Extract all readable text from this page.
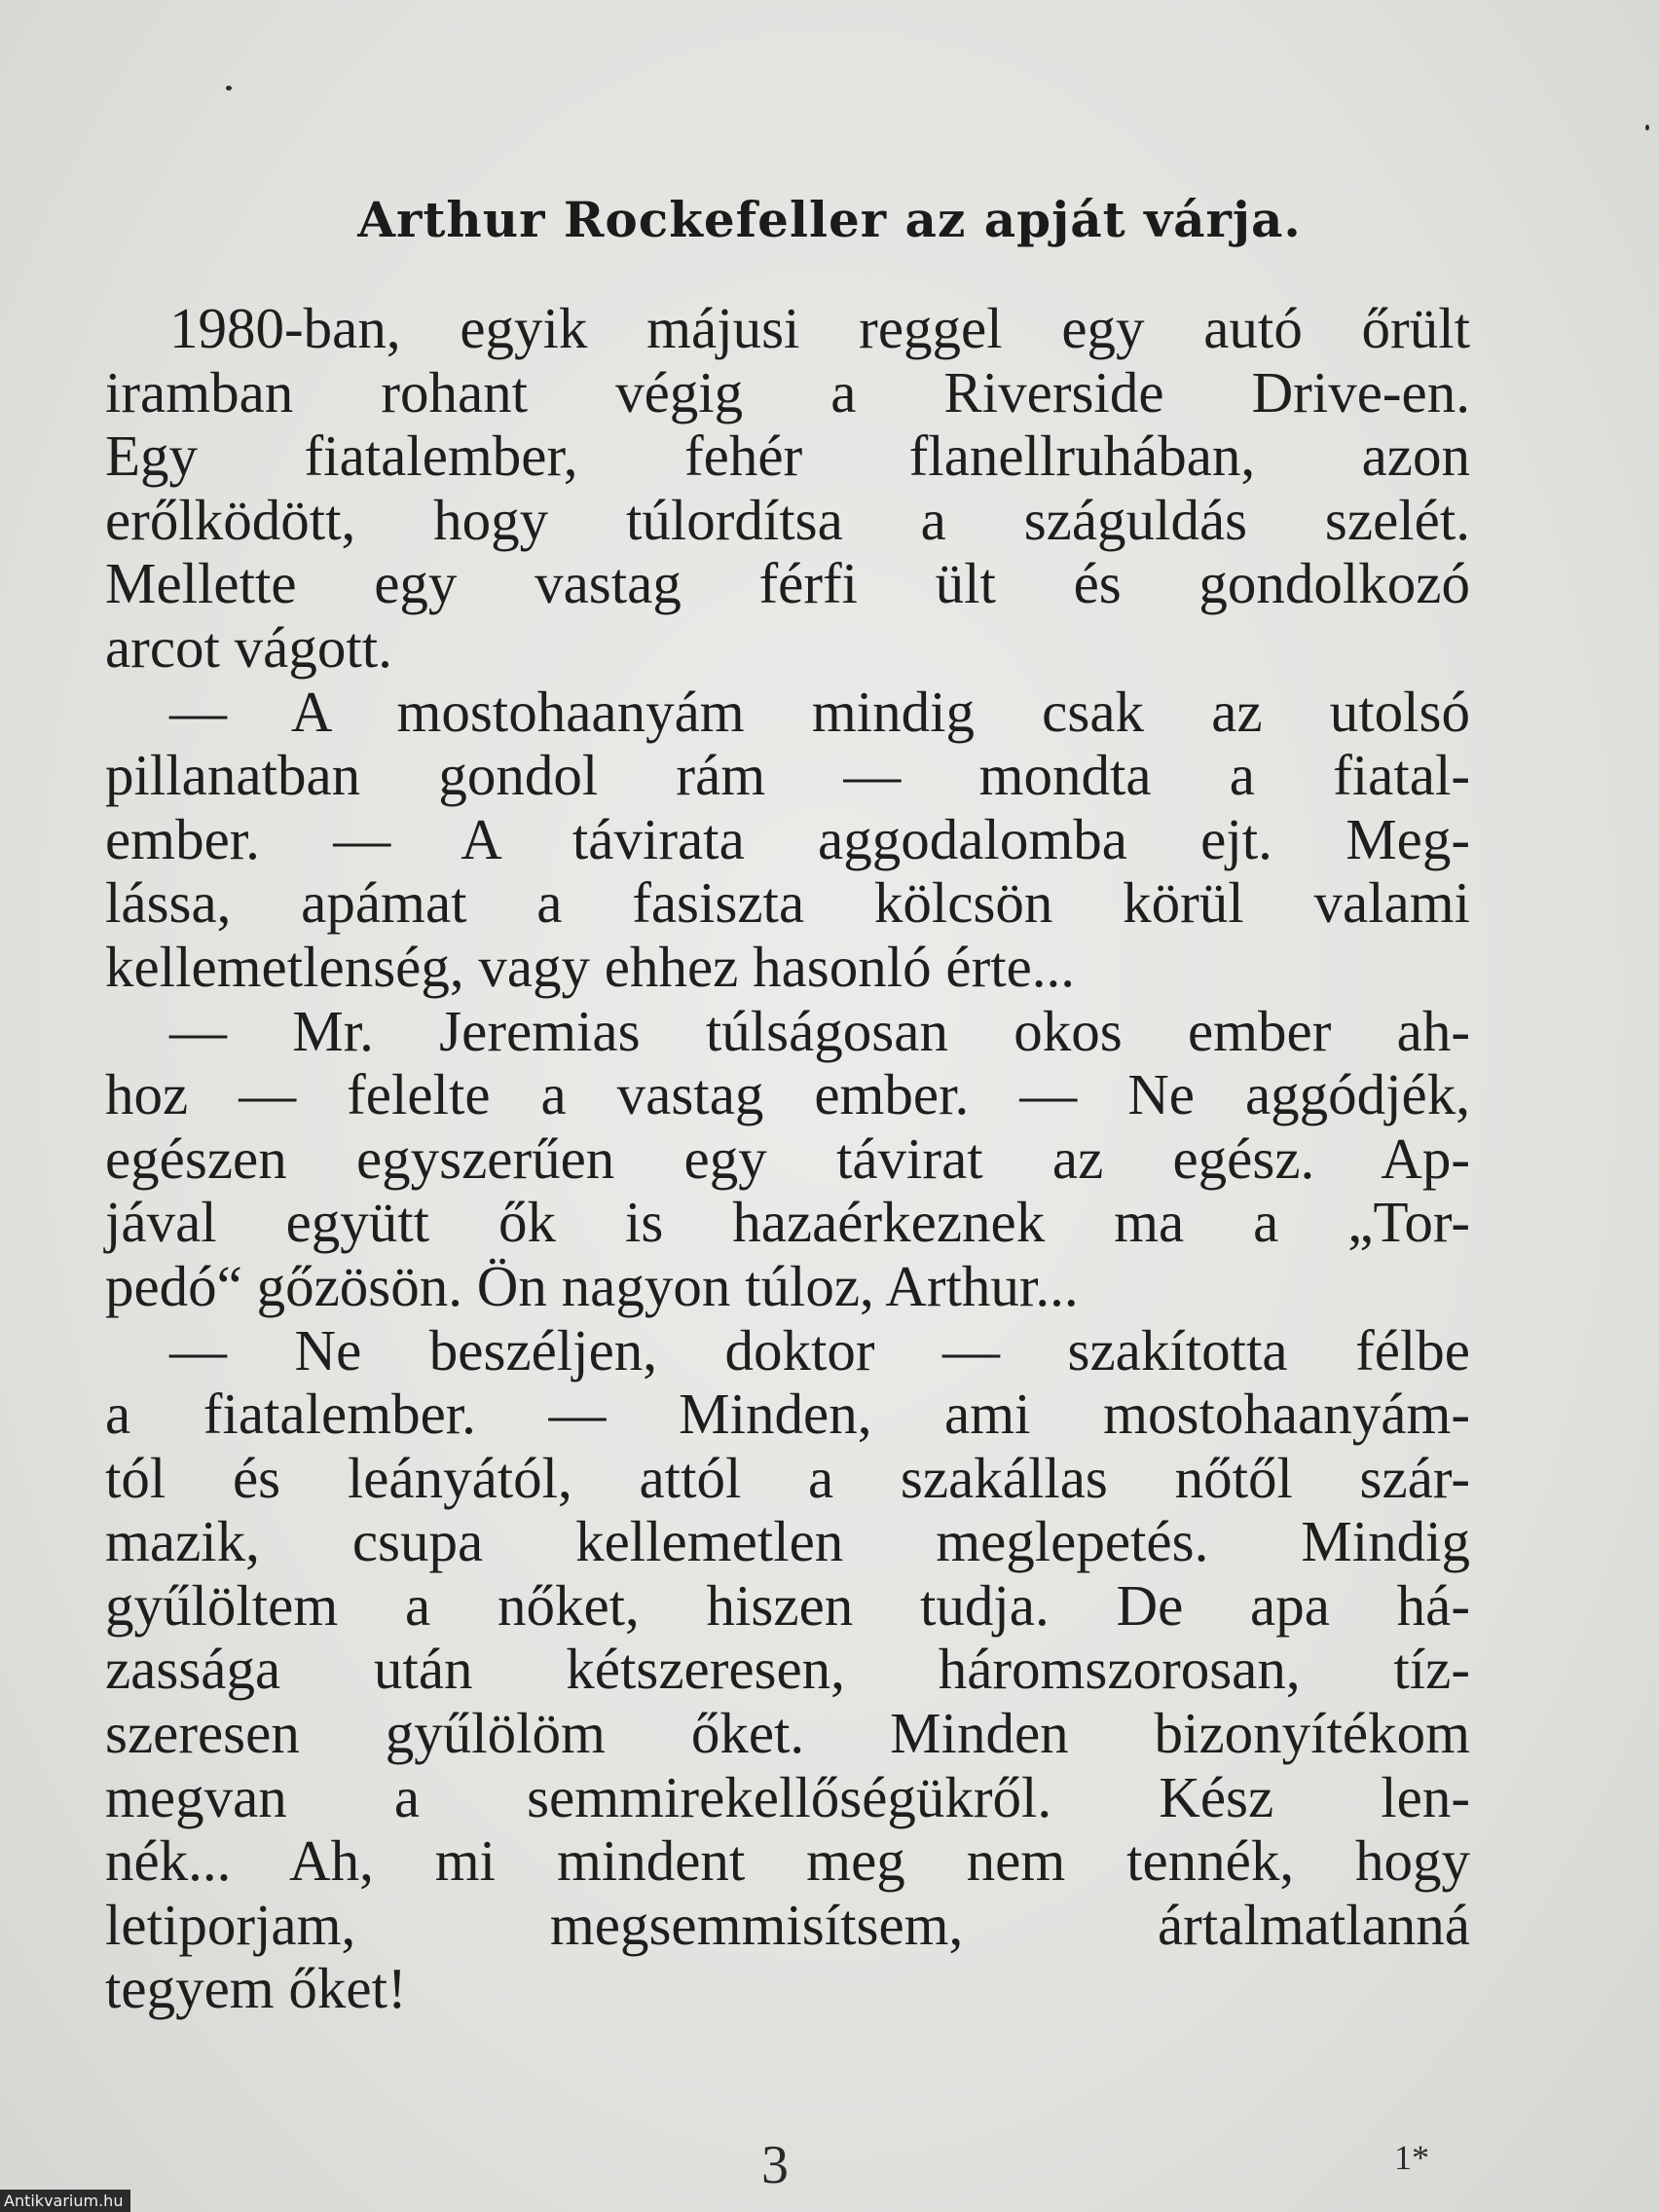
Arthur Rockefeller az apját várja.
1980-ban, egyik májusi reggel egy autó őrült
iramban rohant végig a Riverside Drive-en.
Egy fiatalember, fehér flanellruhában, azon
erőlködött, hogy túlordítsa a száguldás szelét.
Mellette egy vastag férfi ült és gondolkozó
arcot vágott.
— A mostohaanyám mindig csak az utolsó
pillanatban gondol rám — mondta a fiatal-
ember. — A távirata aggodalomba ejt. Meg-
lássa, apámat a fasiszta kölcsön körül valami
kellemetlenség, vagy ehhez hasonló érte...
— Mr. Jeremias túlságosan okos ember ah-
hoz — felelte a vastag ember. — Ne aggódjék,
egészen egyszerűen egy távirat az egész. Ap-
jával együtt ők is hazaérkeznek ma a „Tor-
pedó“ gőzösön. Ön nagyon túloz, Arthur...
— Ne beszéljen, doktor — szakította félbe
a fiatalember. — Minden, ami mostohaanyám-
tól és leányától, attól a szakállas nőtől szár-
mazik, csupa kellemetlen meglepetés. Mindig
gyűlöltem a nőket, hiszen tudja. De apa há-
zassága után kétszeresen, háromszorosan, tíz-
szeresen gyűlölöm őket. Minden bizonyítékom
megvan a semmirekellőségükről. Kész len-
nék... Ah, mi mindent meg nem tennék, hogy
letiporjam, megsemmisítsem, ártalmatlanná
tegyem őket!
3	1*
Antikvarium.hu
